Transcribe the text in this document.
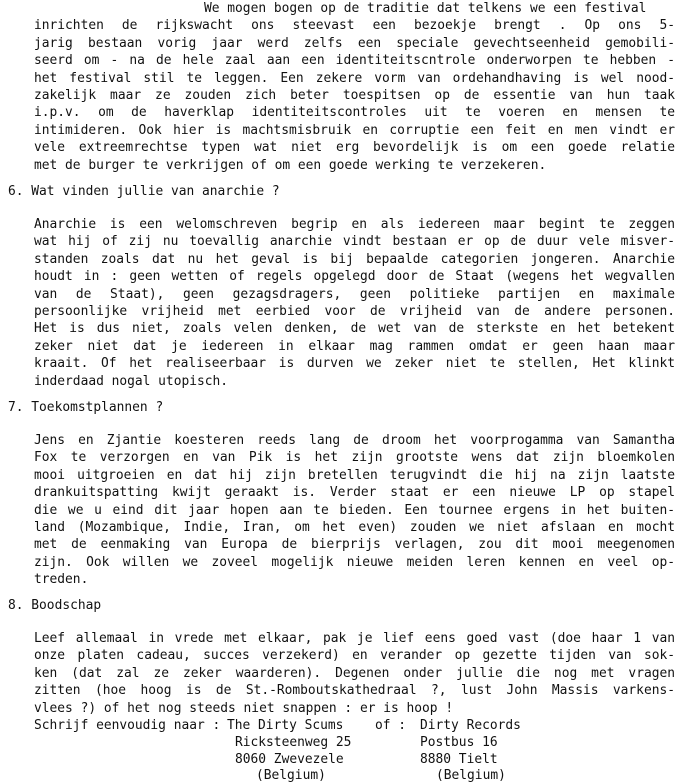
We mogen bogen op de traditie dat telkens we een festival
inrichten de rijkswacht ons steevast een bezoekje brengt . Op ons 5-
jarig bestaan vorig jaar werd zelfs een speciale gevechtseenheid gemobili-
seerd om - na de hele zaal aan een identiteitscntrole onderworpen te hebben -
het festival stil te leggen. Een zekere vorm van ordehandhaving is wel nood-
zakelijk maar ze zouden zich beter toespitsen op de essentie van hun taak
i.p.v. om de haverklap identiteitscontroles uit te voeren en mensen te
intimideren. Ook hier is machtsmisbruik en corruptie een feit en men vindt er
vele extreemrechtse typen wat niet erg bevordelijk is om een goede relatie
met de burger te verkrijgen of om een goede werking te verzekeren.
6. Wat vinden jullie van anarchie ?
Anarchie is een welomschreven begrip en als iedereen maar begint te zeggen
wat hij of zij nu toevallig anarchie vindt bestaan er op de duur vele misver-
standen zoals dat nu het geval is bij bepaalde categorien jongeren. Anarchie
houdt in : geen wetten of regels opgelegd door de Staat (wegens het wegvallen
van de Staat), geen gezagsdragers, geen politieke partijen en maximale
persoonlijke vrijheid met eerbied voor de vrijheid van de andere personen.
Het is dus niet, zoals velen denken, de wet van de sterkste en het betekent
zeker niet dat je iedereen in elkaar mag rammen omdat er geen haan maar
kraait. Of het realiseerbaar is durven we zeker niet te stellen, Het klinkt
inderdaad nogal utopisch.
7. Toekomstplannen ?
Jens en Zjantie koesteren reeds lang de droom het voorprogamma van Samantha
Fox te verzorgen en van Pik is het zijn grootste wens dat zijn bloemkolen
mooi uitgroeien en dat hij zijn bretellen terugvindt die hij na zijn laatste
drankuitspatting kwijt geraakt is. Verder staat er een nieuwe LP op stapel
die we u eind dit jaar hopen aan te bieden. Een tournee ergens in het buiten-
land (Mozambique, Indie, Iran, om het even) zouden we niet afslaan en mocht
met de eenmaking van Europa de bierprijs verlagen, zou dit mooi meegenomen
zijn. Ook willen we zoveel mogelijk nieuwe meiden leren kennen en veel op-
treden.
8. Boodschap
Leef allemaal in vrede met elkaar, pak je lief eens goed vast (doe haar 1 van
onze platen cadeau, succes verzekerd) en verander op gezette tijden van sok-
ken (dat zal ze zeker waarderen). Degenen onder jullie die nog met vragen
zitten (hoe hoog is de St.-Romboutskathedraal ?, lust John Massis varkens-
vlees ?) of het nog steeds niet snappen : er is hoop !
Schrijf eenvoudig naar : The Dirty Scums of : Dirty Records
Ricksteenweg 25	Postbus 16
8060 Zwevezele	8880 Tielt
(Belgium)	(Belgium)
